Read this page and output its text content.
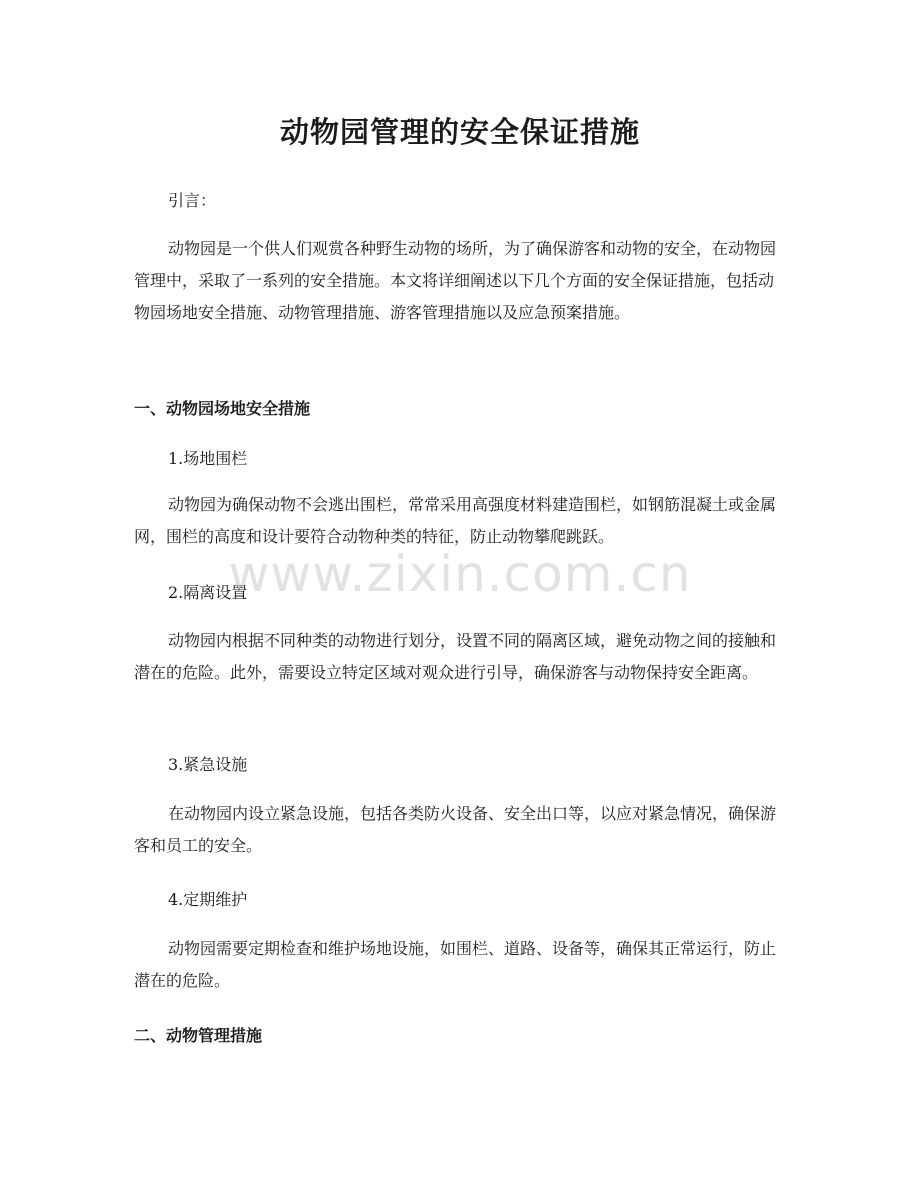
动物园管理的安全保证措施

引言：

动物园是一个供人们观赏各种野生动物的场所，为了确保游客和动物的安全，在动物园管理中，采取了一系列的安全措施。本文将详细阐述以下几个方面的安全保证措施，包括动物园场地安全措施、动物管理措施、游客管理措施以及应急预案措施。

一、动物园场地安全措施

1.场地围栏

动物园为确保动物不会逃出围栏，常常采用高强度材料建造围栏，如钢筋混凝土或金属网，围栏的高度和设计要符合动物种类的特征，防止动物攀爬跳跃。

2.隔离设置

动物园内根据不同种类的动物进行划分，设置不同的隔离区域，避免动物之间的接触和潜在的危险。此外，需要设立特定区域对观众进行引导，确保游客与动物保持安全距离。

3.紧急设施

在动物园内设立紧急设施，包括各类防火设备、安全出口等，以应对紧急情况，确保游客和员工的安全。

4.定期维护

动物园需要定期检查和维护场地设施，如围栏、道路、设备等，确保其正常运行，防止潜在的危险。

二、动物管理措施
www.zixin.com.cn
